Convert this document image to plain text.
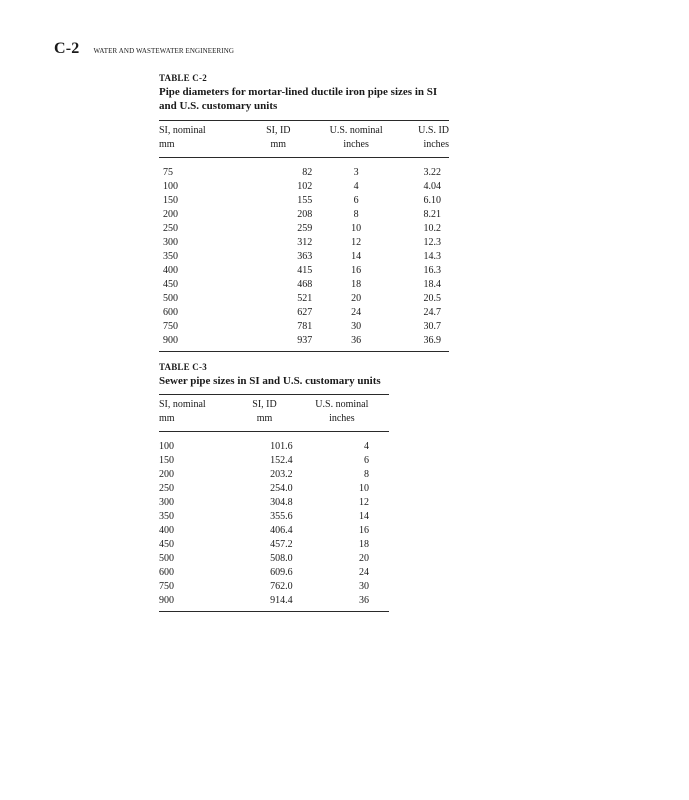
C-2 WATER AND WASTEWATER ENGINEERING
TABLE C-2
Pipe diameters for mortar-lined ductile iron pipe sizes in SI
and U.S. customary units
SI, nominal	SI, ID	U.S. nominal	U.S. ID
mm	mm	inches	inches
75	82	3	3.22
100	102	4	4.04
150	155	6	6.10
200	208	8	8.21
250	259	10	10.2
300	312	12	12.3
350	363	14	14.3
400	415	16	16.3
450	468	18	18.4
500	521	20	20.5
600	627	24	24.7
750	781	30	30.7
900	937	36	36.9
TABLE C-3
Sewer pipe sizes in SI and U.S. customary units
SI, nominal	SI, ID	U.S. nominal
mm	mm	inches
100	101.6	4
150	152.4	6
200	203.2	8
250	254.0	10
300	304.8	12
350	355.6	14
400	406.4	16
450	457.2	18
500	508.0	20
600	609.6	24
750	762.0	30
900	914.4	36
